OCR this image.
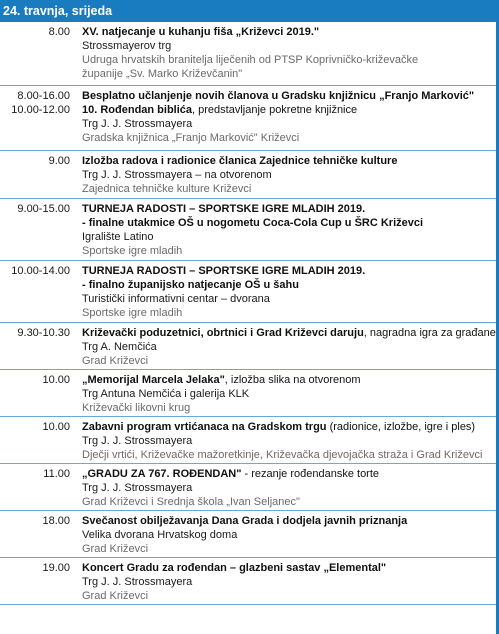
24. travnja, srijeda
8.00 XV. natjecanje u kuhanju fiša „Križevci 2019."
Strossmayerov trg
Udruga hrvatskih branitelja liječenih od PTSP Koprivničko-križevačke
županije „Sv. Marko Križevčanin"
8.00-16.00
10.00-12.00
Besplatno učlanjenje novih članova u Gradsku knjižnicu „Franjo Marković"
10. Rođendan biblića, predstavljanje pokretne knjižnice
Trg J. J. Strossmayera
Gradska knjižnica „Franjo Marković" Križevci
9.00 Izložba radova i radionice članica Zajednice tehničke kulture
Trg J. J. Strossmayera – na otvorenom
Zajednica tehničke kulture Križevci
9.00-15.00 TURNEJA RADOSTI – SPORTSKE IGRE MLADIH 2019.
- finalne utakmice OŠ u nogometu Coca-Cola Cup u ŠRC Križevci
Igralište Latino
Sportske igre mladih
10.00-14.00 TURNEJA RADOSTI – SPORTSKE IGRE MLADIH 2019.
- finalno županijsko natjecanje OŠ u šahu
Turistički informativni centar – dvorana
Sportske igre mladih
9.30-10.30 Križevački poduzetnici, obrtnici i Grad Križevci daruju, nagradna igra za građane
Trg A. Nemčića
Grad Križevci
10.00 „Memorijal Marcela Jelaka", izložba slika na otvorenom
Trg Antuna Nemčića i galerija KLK
Križevački likovni krug
10.00 Zabavni program vrtićanaca na Gradskom trgu (radionice, izložbe, igre i ples)
Trg J. J. Strossmayera
Dječji vrtići, Križevačke mažoretkinje, Križevačka djevojačka straža i Grad Križevci
11.00 „GRADU ZA 767. ROĐENDAN" - rezanje rođendanske torte
Trg J. J. Strossmayera
Grad Križevci i Srednja škola „Ivan Seljanec"
18.00 Svečanost obilježavanja Dana Grada i dodjela javnih priznanja
Velika dvorana Hrvatskog doma
Grad Križevci
19.00 Koncert Gradu za rođendan – glazbeni sastav „Elemental"
Trg J. J. Strossmayera
Grad Križevci
